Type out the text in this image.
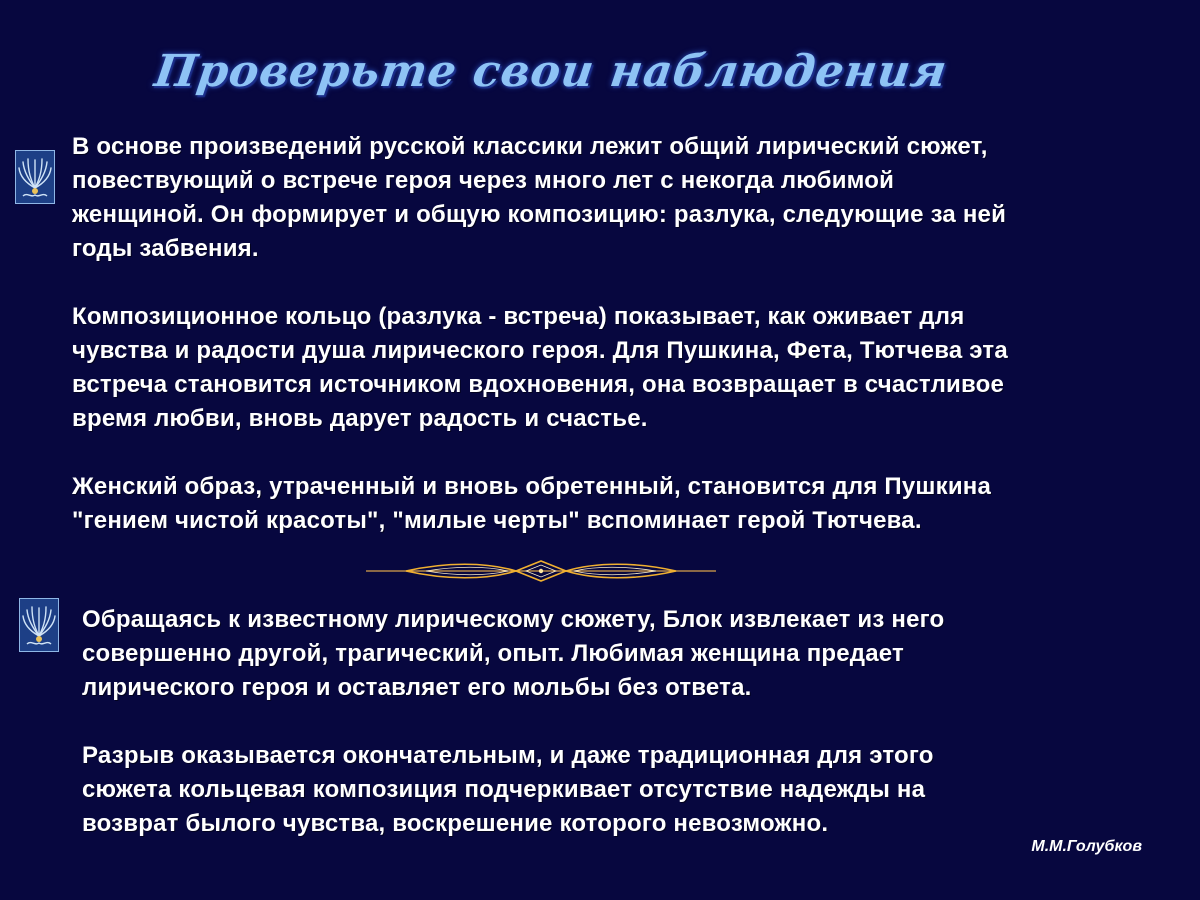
Проверьте свои наблюдения

В основе произведений русской классики лежит общий лирический сюжет,

повествующий о встрече героя через много лет с некогда любимой

женщиной. Он формирует и общую композицию: разлука, следующие за ней

годы забвения.

Композиционное кольцо (разлука - встреча) показывает, как оживает для

чувства и радости душа лирического героя. Для Пушкина, Фета, Тютчева эта

встреча становится источником вдохновения, она возвращает в счастливое

время любви, вновь дарует радость и счастье.

Женский образ, утраченный и вновь обретенный, становится для Пушкина

"гением чистой красоты", "милые черты" вспоминает герой Тютчева.

Обращаясь к известному лирическому сюжету, Блок извлекает из него

совершенно другой, трагический, опыт. Любимая женщина предает

лирического героя и оставляет его мольбы без ответа.

Разрыв оказывается окончательным, и даже традиционная для этого

сюжета кольцевая композиция подчеркивает отсутствие надежды на

возврат былого чувства, воскрешение которого невозможно.

М.М.Голубков
